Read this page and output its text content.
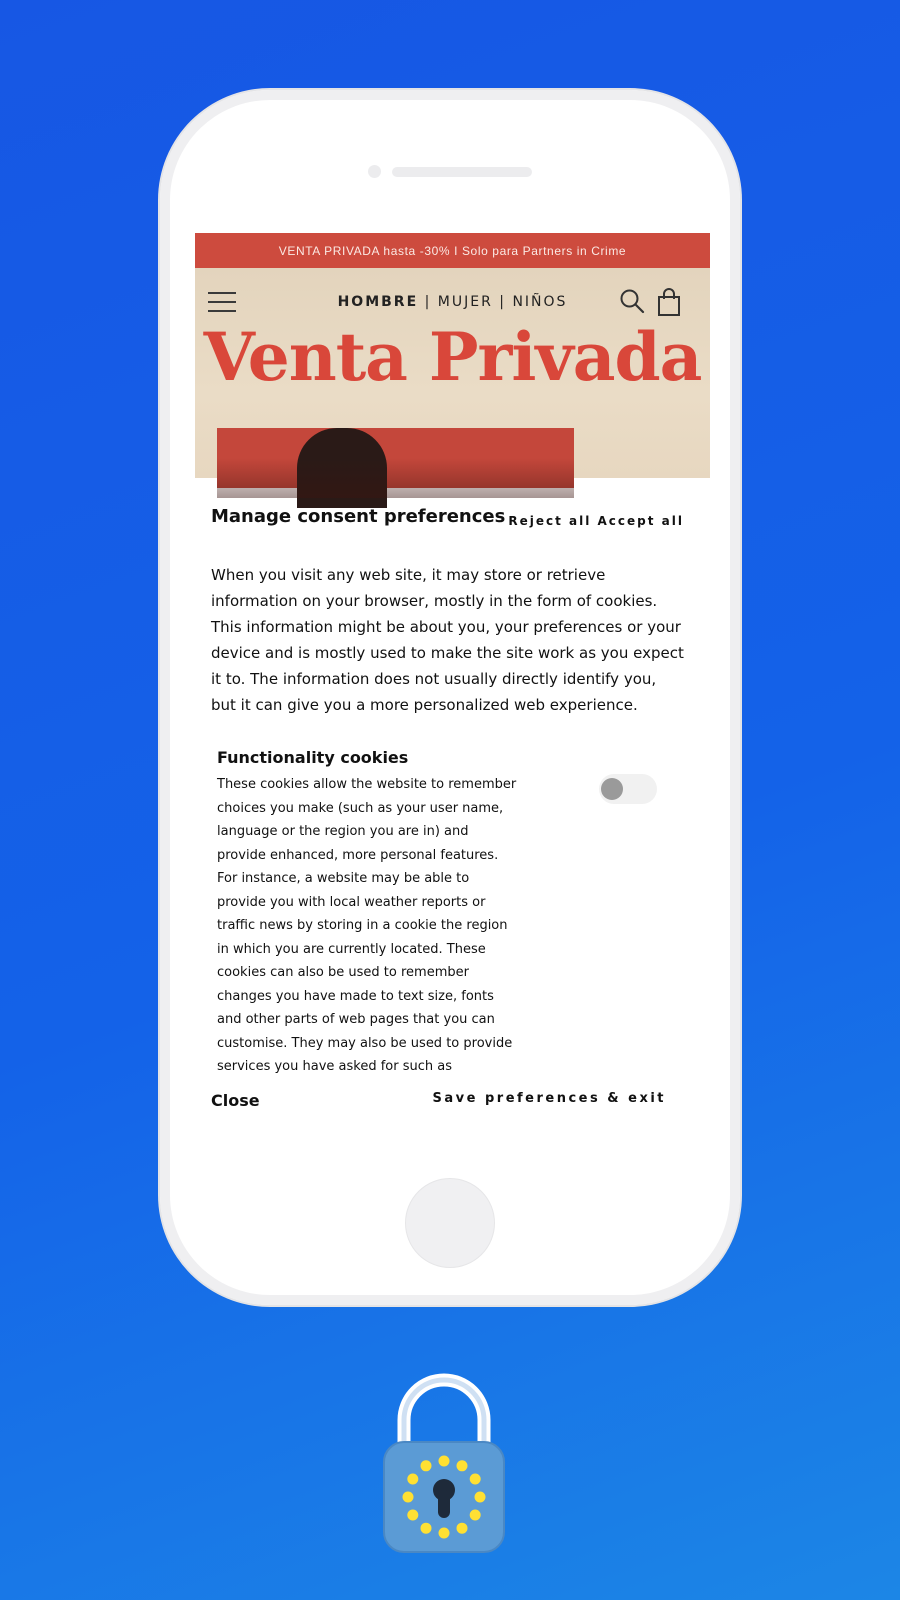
VENTA PRIVADA hasta -30% I Solo para Partners in Crime
HOMBRE | MUJER | NIÑOS
Venta Privada
Manage consent preferences Reject all Accept all
When you visit any web site, it may store or retrieve information on your browser, mostly in the form of cookies. This information might be about you, your preferences or your device and is mostly used to make the site work as you expect it to. The information does not usually directly identify you, but it can give you a more personalized web experience.
Functionality cookies
These cookies allow the website to remember choices you make (such as your user name, language or the region you are in) and provide enhanced, more personal features. For instance, a website may be able to provide you with local weather reports or traffic news by storing in a cookie the region in which you are currently located. These cookies can also be used to remember changes you have made to text size, fonts and other parts of web pages that you can customise. They may also be used to provide services you have asked for such as
Close	Save preferences & exit
